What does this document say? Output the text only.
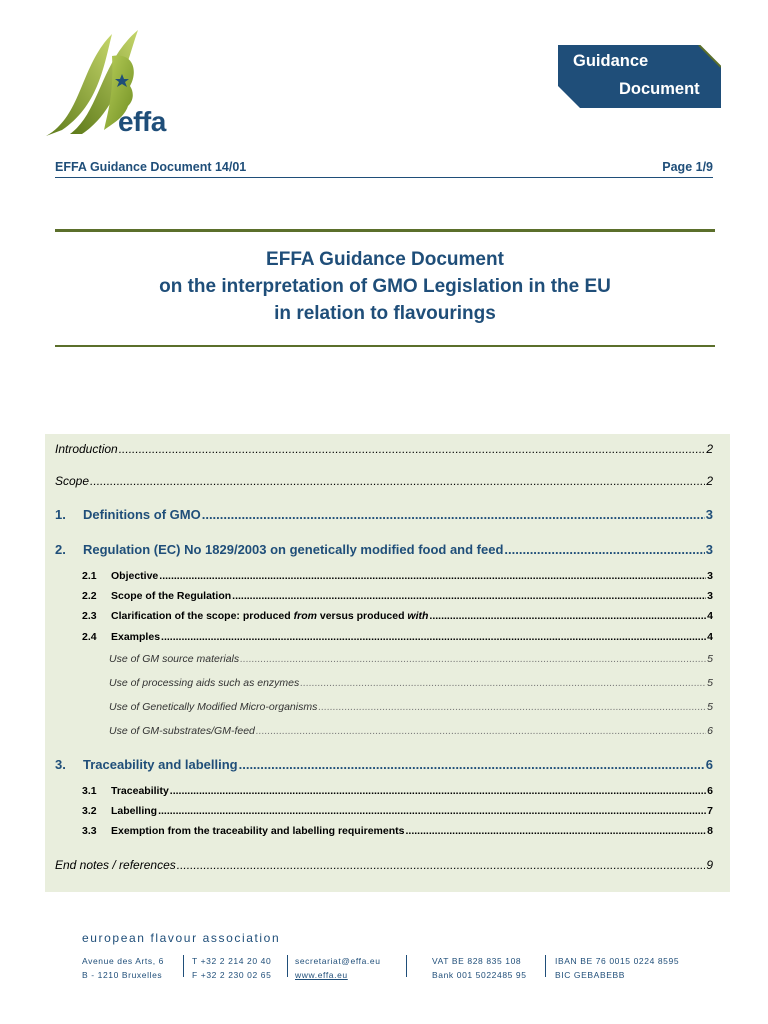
effa
Guidance
Document
EFFA Guidance Document 14/01	Page 1/9
EFFA Guidance Document
on the interpretation of GMO Legislation in the EU
in relation to flavourings
Introduction .....	2
Scope .....	2
1. Definitions of GMO .....	3
2. Regulation (EC) No 1829/2003 on genetically modified food and feed .....	3
2.1 Objective .....	3
2.2 Scope of the Regulation .....	3
2.3 Clarification of the scope: produced from versus produced with .....	4
2.4 Examples .....	4
Use of GM source materials .....	5
Use of processing aids such as enzymes .....	5
Use of Genetically Modified Micro-organisms .....	5
Use of GM-substrates/GM-feed .....	6
3. Traceability and labelling .....	6
3.1 Traceability .....	6
3.2 Labelling .....	7
3.3 Exemption from the traceability and labelling requirements .....	8
End notes / references .....	9
european flavour association
Avenue des Arts, 6
B - 1210 Bruxelles
T +32 2 214 20 40
F +32 2 230 02 65
secretariat@effa.eu
www.effa.eu
VAT BE 828 835 108
Bank 001 5022485 95
IBAN BE 76 0015 0224 8595
BIC GEBABEBB
